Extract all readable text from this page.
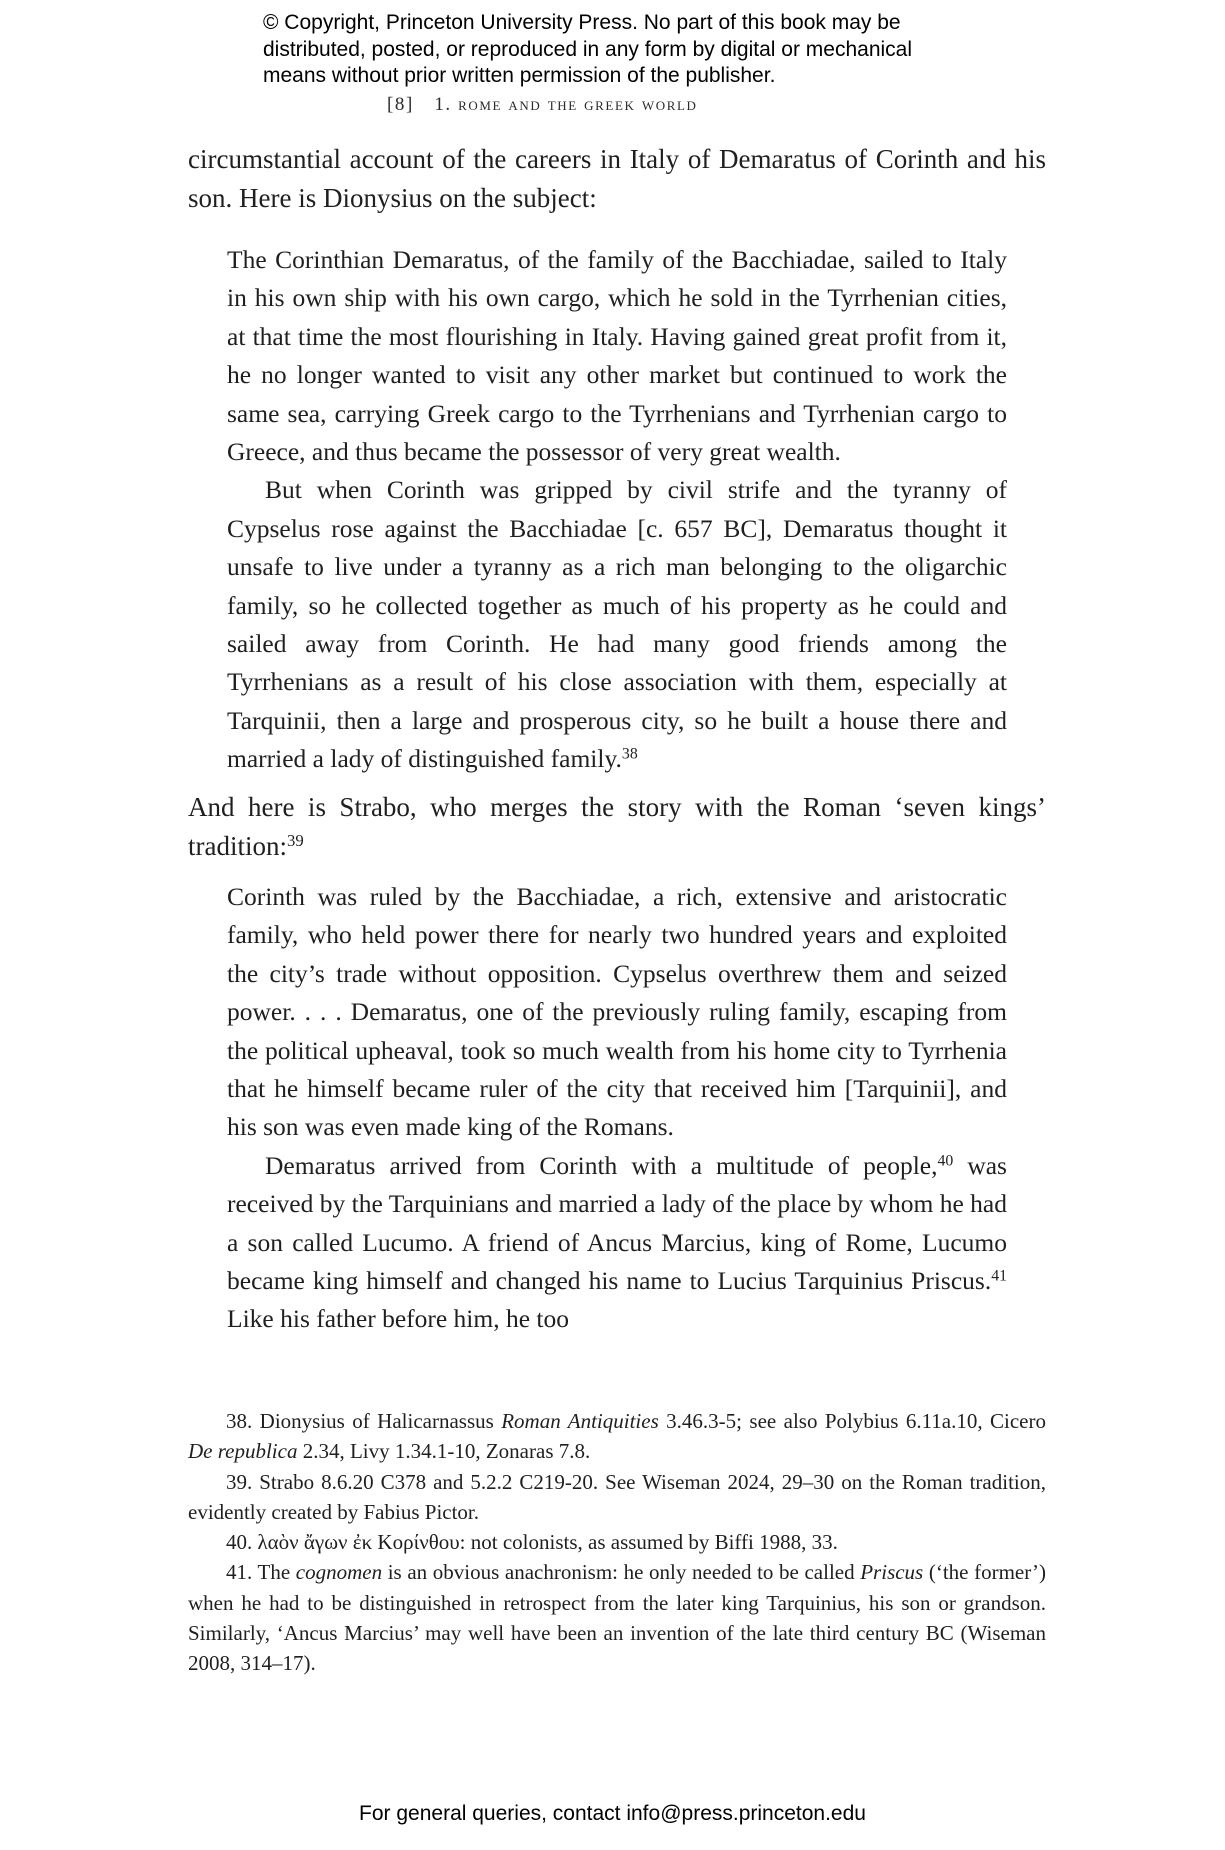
© Copyright, Princeton University Press. No part of this book may be

distributed, posted, or reproduced in any form by digital or mechanical

means without prior written permission of the publisher.

[8] 1. rome and the greek world
circumstantial account of the careers in Italy of Demaratus of Corinth and his son. Here is Dionysius on the subject:

The Corinthian Demaratus, of the family of the Bacchiadae, sailed to Italy in his own ship with his own cargo, which he sold in the Tyrrhenian cities, at that time the most flourishing in Italy. Having gained great profit from it, he no longer wanted to visit any other market but continued to work the same sea, carrying Greek cargo to the Tyrrhenians and Tyrrhenian cargo to Greece, and thus became the possessor of very great wealth.

But when Corinth was gripped by civil strife and the tyranny of Cypselus rose against the Bacchiadae [c. 657 BC], Demaratus thought it unsafe to live under a tyranny as a rich man belonging to the oligarchic family, so he collected together as much of his property as he could and sailed away from Corinth. He had many good friends among the Tyrrhenians as a result of his close association with them, especially at Tarquinii, then a large and prosperous city, so he built a house there and married a lady of distinguished family.$^{38}$

And here is Strabo, who merges the story with the Roman ‘seven kings’ tradition:$^{39}$

Corinth was ruled by the Bacchiadae, a rich, extensive and aristocratic family, who held power there for nearly two hundred years and exploited the city’s trade without opposition. Cypselus overthrew them and seized power. . . . Demaratus, one of the previously ruling family, escaping from the political upheaval, took so much wealth from his home city to Tyrrhenia that he himself became ruler of the city that received him [Tarquinii], and his son was even made king of the Romans.

Demaratus arrived from Corinth with a multitude of people,$^{40}$ was received by the Tarquinians and married a lady of the place by whom he had a son called Lucumo. A friend of Ancus Marcius, king of Rome, Lucumo became king himself and changed his name to Lucius Tarquinius Priscus.$^{41}$ Like his father before him, he too

38. Dionysius of Halicarnassus Roman Antiquities 3.46.3-5; see also Polybius 6.11a.10, Cicero De republica 2.34, Livy 1.34.1-10, Zonaras 7.8.

39. Strabo 8.6.20 C378 and 5.2.2 C219-20. See Wiseman 2024, 29–30 on the Roman tradition, evidently created by Fabius Pictor.

40. λαὸν ἄγων ἐκ Κορίνθου: not colonists, as assumed by Biffi 1988, 33.

41. The cognomen is an obvious anachronism: he only needed to be called Priscus (‘the former’) when he had to be distinguished in retrospect from the later king Tarquinius, his son or grandson. Similarly, ‘Ancus Marcius’ may well have been an invention of the late third century BC (Wiseman 2008, 314–17).

For general queries, contact info@press.princeton.edu
